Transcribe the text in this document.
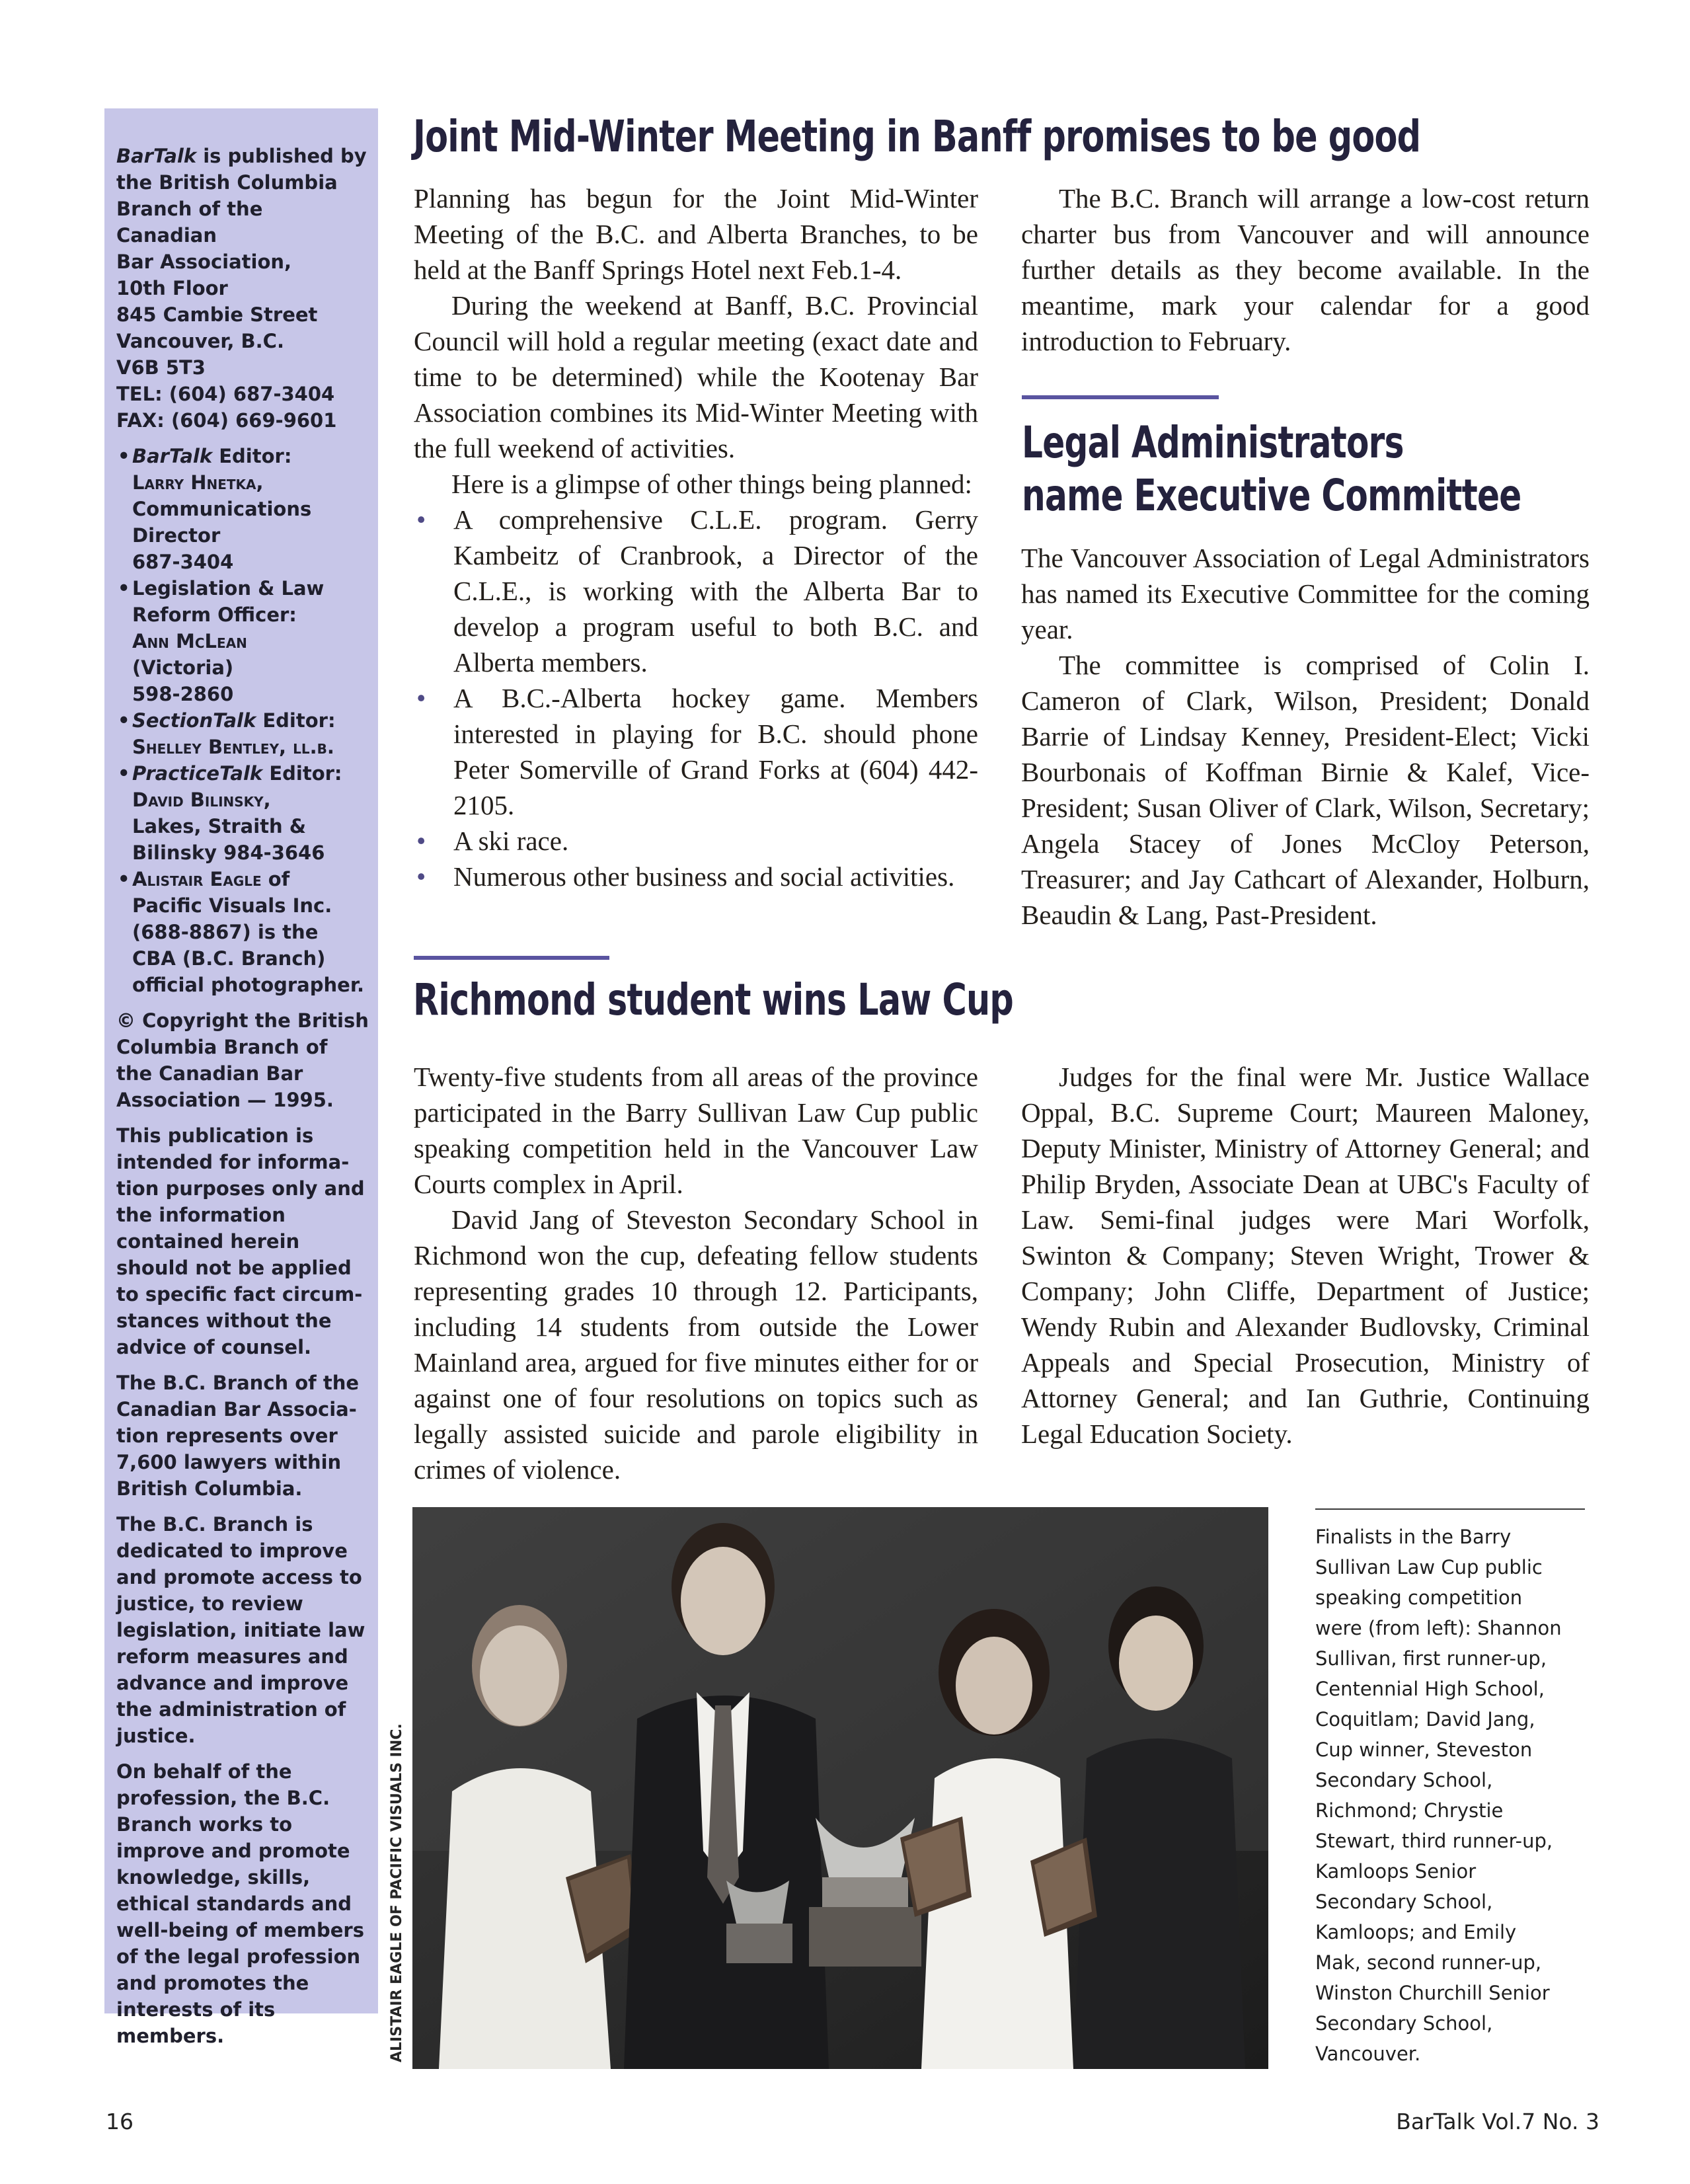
BarTalk is published by
the British Columbia
Branch of the Canadian
Bar Association,
10th Floor
845 Cambie Street
Vancouver, B.C.
V6B 5T3
TEL: (604) 687-3404
FAX: (604) 669-9601

• BarTalk Editor:
Larry Hnetka,
Communications
Director
687-3404
• Legislation & Law
Reform Officer:
Ann McLean
(Victoria)
598-2860
• SectionTalk Editor:
Shelley Bentley, ll.b.
• PracticeTalk Editor:
David Bilinsky,
Lakes, Straith &
Bilinsky 984-3646
• Alistair Eagle of
Pacific Visuals Inc.
(688-8867) is the
CBA (B.C. Branch)
official photographer.

© Copyright the British
Columbia Branch of
the Canadian Bar
Association — 1995.

This publication is
intended for informa-
tion purposes only and
the information
contained herein
should not be applied
to specific fact circum-
stances without the
advice of counsel.

The B.C. Branch of the
Canadian Bar Associa-
tion represents over
7,600 lawyers within
British Columbia.

The B.C. Branch is
dedicated to improve
and promote access to
justice, to review
legislation, initiate law
reform measures and
advance and improve
the administration of
justice.

On behalf of the
profession, the B.C.
Branch works to
improve and promote
knowledge, skills,
ethical standards and
well-being of members
of the legal profession
and promotes the
interests of its
members.

Joint Mid-Winter Meeting in Banff promises to be good

Planning has begun for the Joint Mid-Winter Meeting of the B.C. and Alberta Branches, to be held at the Banff Springs Hotel next Feb.1-4.

During the weekend at Banff, B.C. Provincial Council will hold a regular meeting (exact date and time to be determined) while the Kootenay Bar Association combines its Mid-Winter Meeting with the full weekend of activities.

Here is a glimpse of other things being planned:

• A comprehensive C.L.E. program. Gerry Kambeitz of Cranbrook, a Director of the C.L.E., is working with the Alberta Bar to develop a program useful to both B.C. and Alberta members.
• A B.C.-Alberta hockey game. Members interested in playing for B.C. should phone Peter Somerville of Grand Forks at (604) 442-2105.
• A ski race.
• Numerous other business and social activities.

The B.C. Branch will arrange a low-cost return charter bus from Vancouver and will announce further details as they become available. In the meantime, mark your calendar for a good introduction to February.

Legal Administrators
name Executive Committee

The Vancouver Association of Legal Administrators has named its Executive Committee for the coming year.

The committee is comprised of Colin I. Cameron of Clark, Wilson, President; Donald Barrie of Lindsay Kenney, President-Elect; Vicki Bourbonais of Koffman Birnie & Kalef, Vice-President; Susan Oliver of Clark, Wilson, Secretary; Angela Stacey of Jones McCloy Peterson, Treasurer; and Jay Cathcart of Alexander, Holburn, Beaudin & Lang, Past-President.

Richmond student wins Law Cup

Twenty-five students from all areas of the province participated in the Barry Sullivan Law Cup public speaking competition held in the Vancouver Law Courts complex in April.

David Jang of Steveston Secondary School in Richmond won the cup, defeating fellow students representing grades 10 through 12. Participants, including 14 students from outside the Lower Mainland area, argued for five minutes either for or against one of four resolutions on topics such as legally assisted suicide and parole eligibility in crimes of violence.

Judges for the final were Mr. Justice Wallace Oppal, B.C. Supreme Court; Maureen Maloney, Deputy Minister, Ministry of Attorney General; and Philip Bryden, Associate Dean at UBC's Faculty of Law. Semi-final judges were Mari Worfolk, Swinton & Company; Steven Wright, Trower & Company; John Cliffe, Department of Justice; Wendy Rubin and Alexander Budlovsky, Criminal Appeals and Special Prosecution, Ministry of Attorney General; and Ian Guthrie, Continuing Legal Education Society.

ALISTAIR EAGLE OF PACIFIC VISUALS INC.
Finalists in the Barry
Sullivan Law Cup public
speaking competition
were (from left): Shannon
Sullivan, first runner-up,
Centennial High School,
Coquitlam; David Jang,
Cup winner, Steveston
Secondary School,
Richmond; Chrystie
Stewart, third runner-up,
Kamloops Senior
Secondary School,
Kamloops; and Emily
Mak, second runner-up,
Winston Churchill Senior
Secondary School,
Vancouver.
16	BarTalk Vol.7 No. 3
